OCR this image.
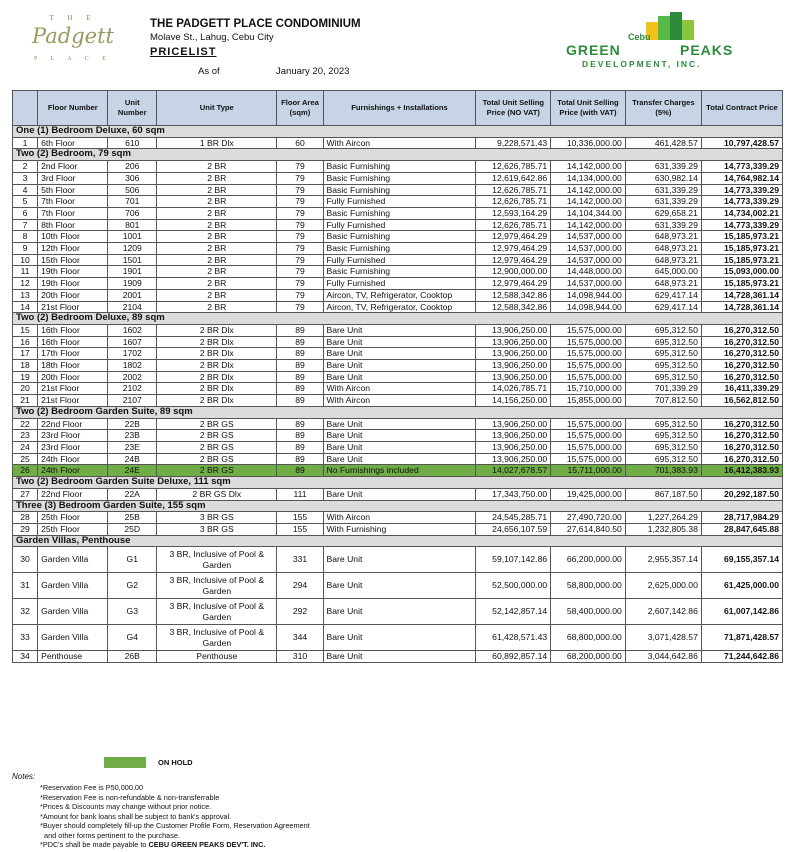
T H E
Padgett
P L A C E
THE PADGETT PLACE CONDOMINIUM
Molave St., Lahug, Cebu City
PRICELIST
As of	January 20, 2023
Cebu
GREEN	PEAKS
DEVELOPMENT, INC.
	Floor Number	Unit Number	Unit Type	Floor Area (sqm)	Furnishings + Installations	Total Unit Selling Price (NO VAT)	Total Unit Selling Price (with VAT)	Transfer Charges (5%)	Total Contract Price
One (1) Bedroom Deluxe, 60 sqm									
1	6th Floor	610	1 BR Dlx	60	With Aircon	9,228,571.43	10,336,000.00	461,428.57	10,797,428.57
Two (2) Bedroom, 79 sqm									
2	2nd Floor	206	2 BR	79	Basic Furnishing	12,626,785.71	14,142,000.00	631,339.29	14,773,339.29
3	3rd Floor	306	2 BR	79	Basic Furnishing	12,619,642.86	14,134,000.00	630,982.14	14,764,982.14
4	5th Floor	506	2 BR	79	Basic Furnishing	12,626,785.71	14,142,000.00	631,339.29	14,773,339.29
5	7th Floor	701	2 BR	79	Fully Furnished	12,626,785.71	14,142,000.00	631,339.29	14,773,339.29
6	7th Floor	706	2 BR	79	Basic Furnishing	12,593,164.29	14,104,344.00	629,658.21	14,734,002.21
7	8th Floor	801	2 BR	79	Fully Furnished	12,626,785.71	14,142,000.00	631,339.29	14,773,339.29
8	10th Floor	1001	2 BR	79	Basic Furnishing	12,979,464.29	14,537,000.00	648,973.21	15,185,973.21
9	12th Floor	1209	2 BR	79	Basic Furnishing	12,979,464.29	14,537,000.00	648,973.21	15,185,973.21
10	15th Floor	1501	2 BR	79	Fully Furnished	12,979,464.29	14,537,000.00	648,973.21	15,185,973.21
11	19th Floor	1901	2 BR	79	Basic Furnishing	12,900,000.00	14,448,000.00	645,000.00	15,093,000.00
12	19th Floor	1909	2 BR	79	Fully Furnished	12,979,464.29	14,537,000.00	648,973.21	15,185,973.21
13	20th Floor	2001	2 BR	79	Aircon, TV, Refrigerator, Cooktop	12,588,342.86	14,098,944.00	629,417.14	14,728,361.14
14	21st Floor	2104	2 BR	79	Aircon, TV, Refrigerator, Cooktop	12,588,342.86	14,098,944.00	629,417.14	14,728,361.14
Two (2) Bedroom Deluxe, 89 sqm									
15	16th Floor	1602	2 BR Dlx	89	Bare Unit	13,906,250.00	15,575,000.00	695,312.50	16,270,312.50
16	16th Floor	1607	2 BR Dlx	89	Bare Unit	13,906,250.00	15,575,000.00	695,312.50	16,270,312.50
17	17th Floor	1702	2 BR Dlx	89	Bare Unit	13,906,250.00	15,575,000.00	695,312.50	16,270,312.50
18	18th Floor	1802	2 BR Dlx	89	Bare Unit	13,906,250.00	15,575,000.00	695,312.50	16,270,312.50
19	20th Floor	2002	2 BR Dlx	89	Bare Unit	13,906,250.00	15,575,000.00	695,312.50	16,270,312.50
20	21st Floor	2102	2 BR Dlx	89	With Aircon	14,026,785.71	15,710,000.00	701,339.29	16,411,339.29
21	21st Floor	2107	2 BR Dlx	89	With Aircon	14,156,250.00	15,855,000.00	707,812.50	16,562,812.50
Two (2) Bedroom Garden Suite, 89 sqm									
22	22nd Floor	22B	2 BR GS	89	Bare Unit	13,906,250.00	15,575,000.00	695,312.50	16,270,312.50
23	23rd Floor	23B	2 BR GS	89	Bare Unit	13,906,250.00	15,575,000.00	695,312.50	16,270,312.50
24	23rd Floor	23E	2 BR GS	89	Bare Unit	13,906,250.00	15,575,000.00	695,312.50	16,270,312.50
25	24th Floor	24B	2 BR GS	89	Bare Unit	13,906,250.00	15,575,000.00	695,312.50	16,270,312.50
26	24th Floor	24E	2 BR GS	89	No Furnishings included	14,027,678.57	15,711,000.00	701,383.93	16,412,383.93
Two (2) Bedroom Garden Suite Deluxe, 111 sqm									
27	22nd Floor	22A	2 BR GS Dlx	111	Bare Unit	17,343,750.00	19,425,000.00	867,187.50	20,292,187.50
Three (3) Bedroom Garden Suite, 155 sqm									
28	25th Floor	25B	3 BR GS	155	With Aircon	24,545,285.71	27,490,720.00	1,227,264.29	28,717,984.29
29	25th Floor	25D	3 BR GS	155	With Furnishing	24,656,107.59	27,614,840.50	1,232,805.38	28,847,645.88
Garden Villas, Penthouse									
30	Garden Villa	G1	3 BR, Inclusive of Pool & Garden	331	Bare Unit	59,107,142.86	66,200,000.00	2,955,357.14	69,155,357.14
31	Garden Villa	G2	3 BR, Inclusive of Pool & Garden	294	Bare Unit	52,500,000.00	58,800,000.00	2,625,000.00	61,425,000.00
32	Garden Villa	G3	3 BR, Inclusive of Pool & Garden	292	Bare Unit	52,142,857.14	58,400,000.00	2,607,142.86	61,007,142.86
33	Garden Villa	G4	3 BR, Inclusive of Pool & Garden	344	Bare Unit	61,428,571.43	68,800,000.00	3,071,428.57	71,871,428.57
34	Penthouse	26B	Penthouse	310	Bare Unit	60,892,857.14	68,200,000.00	3,044,642.86	71,244,642.86
ON HOLD
Notes:
*Reservation Fee is P50,000.00
*Reservation Fee is non-refundable & non-transferrable
*Prices & Discounts may change without prior notice.
*Amount for bank loans shall be subject to bank's approval.
*Buyer should completely fill-up the Customer Profile Form, Reservation Agreement
and other forms pertinent to the purchase.
*PDC's shall be made payable to CEBU GREEN PEAKS DEV'T. INC.
